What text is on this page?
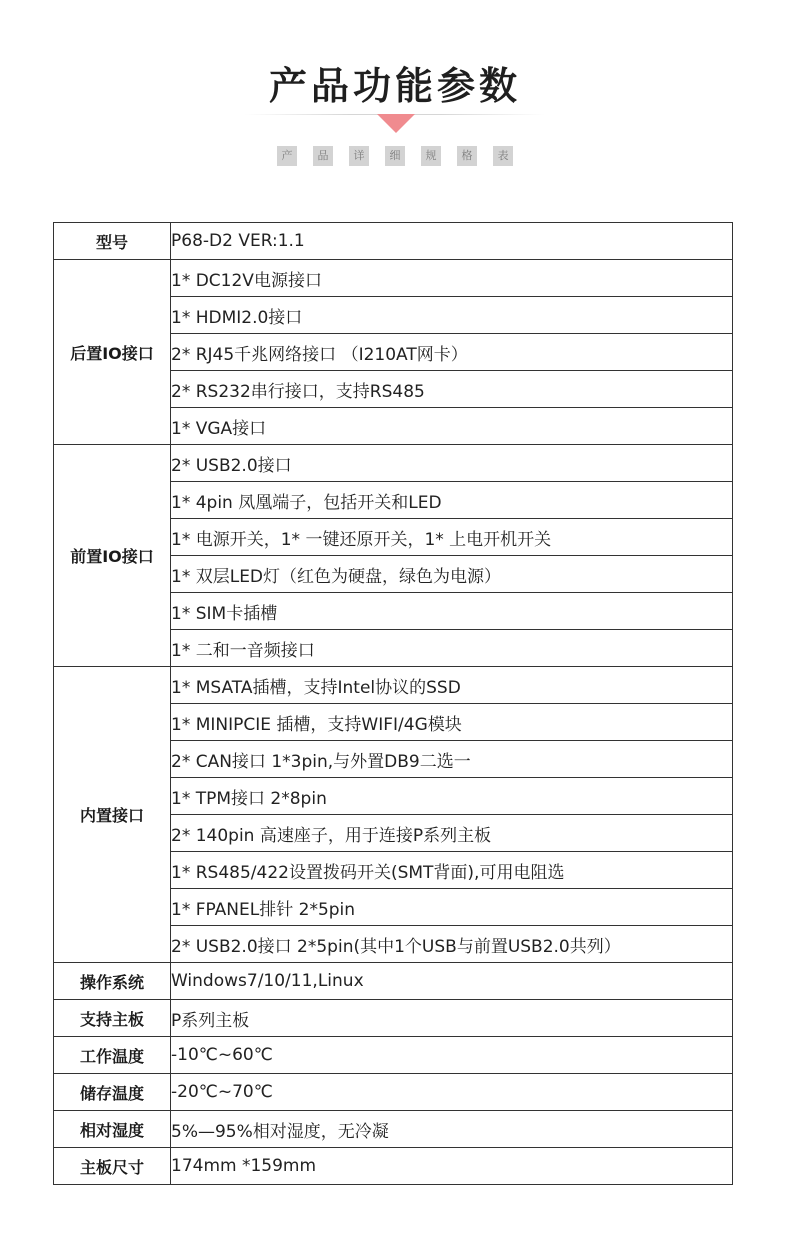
产品功能参数
产	品	详	细	规	格	表
型号	P68-D2 VER:1.1
后置IO接口	1* DC12V电源接口
	1* HDMI2.0接口
	2* RJ45千兆网络接口 （I210AT网卡）
	2* RS232串行接口，支持RS485
	1* VGA接口
前置IO接口	2* USB2.0接口
	1* 4pin 凤凰端子，包括开关和LED
	1* 电源开关，1* 一键还原开关，1* 上电开机开关
	1* 双层LED灯（红色为硬盘，绿色为电源）
	1* SIM卡插槽
	1* 二和一音频接口
内置接口	1* MSATA插槽，支持Intel协议的SSD
	1* MINIPCIE 插槽，支持WIFI/4G模块
	2* CAN接口 1*3pin,与外置DB9二选一
	1* TPM接口 2*8pin
	2* 140pin 高速座子，用于连接P系列主板
	1* RS485/422设置拨码开关(SMT背面),可用电阻选
	1* FPANEL排针 2*5pin
	2* USB2.0接口 2*5pin(其中1个USB与前置USB2.0共列）
操作系统	Windows7/10/11,Linux
支持主板	P系列主板
工作温度	-10℃~60℃
储存温度	-20℃~70℃
相对湿度	5%—95%相对湿度，无冷凝
主板尺寸	174mm *159mm
